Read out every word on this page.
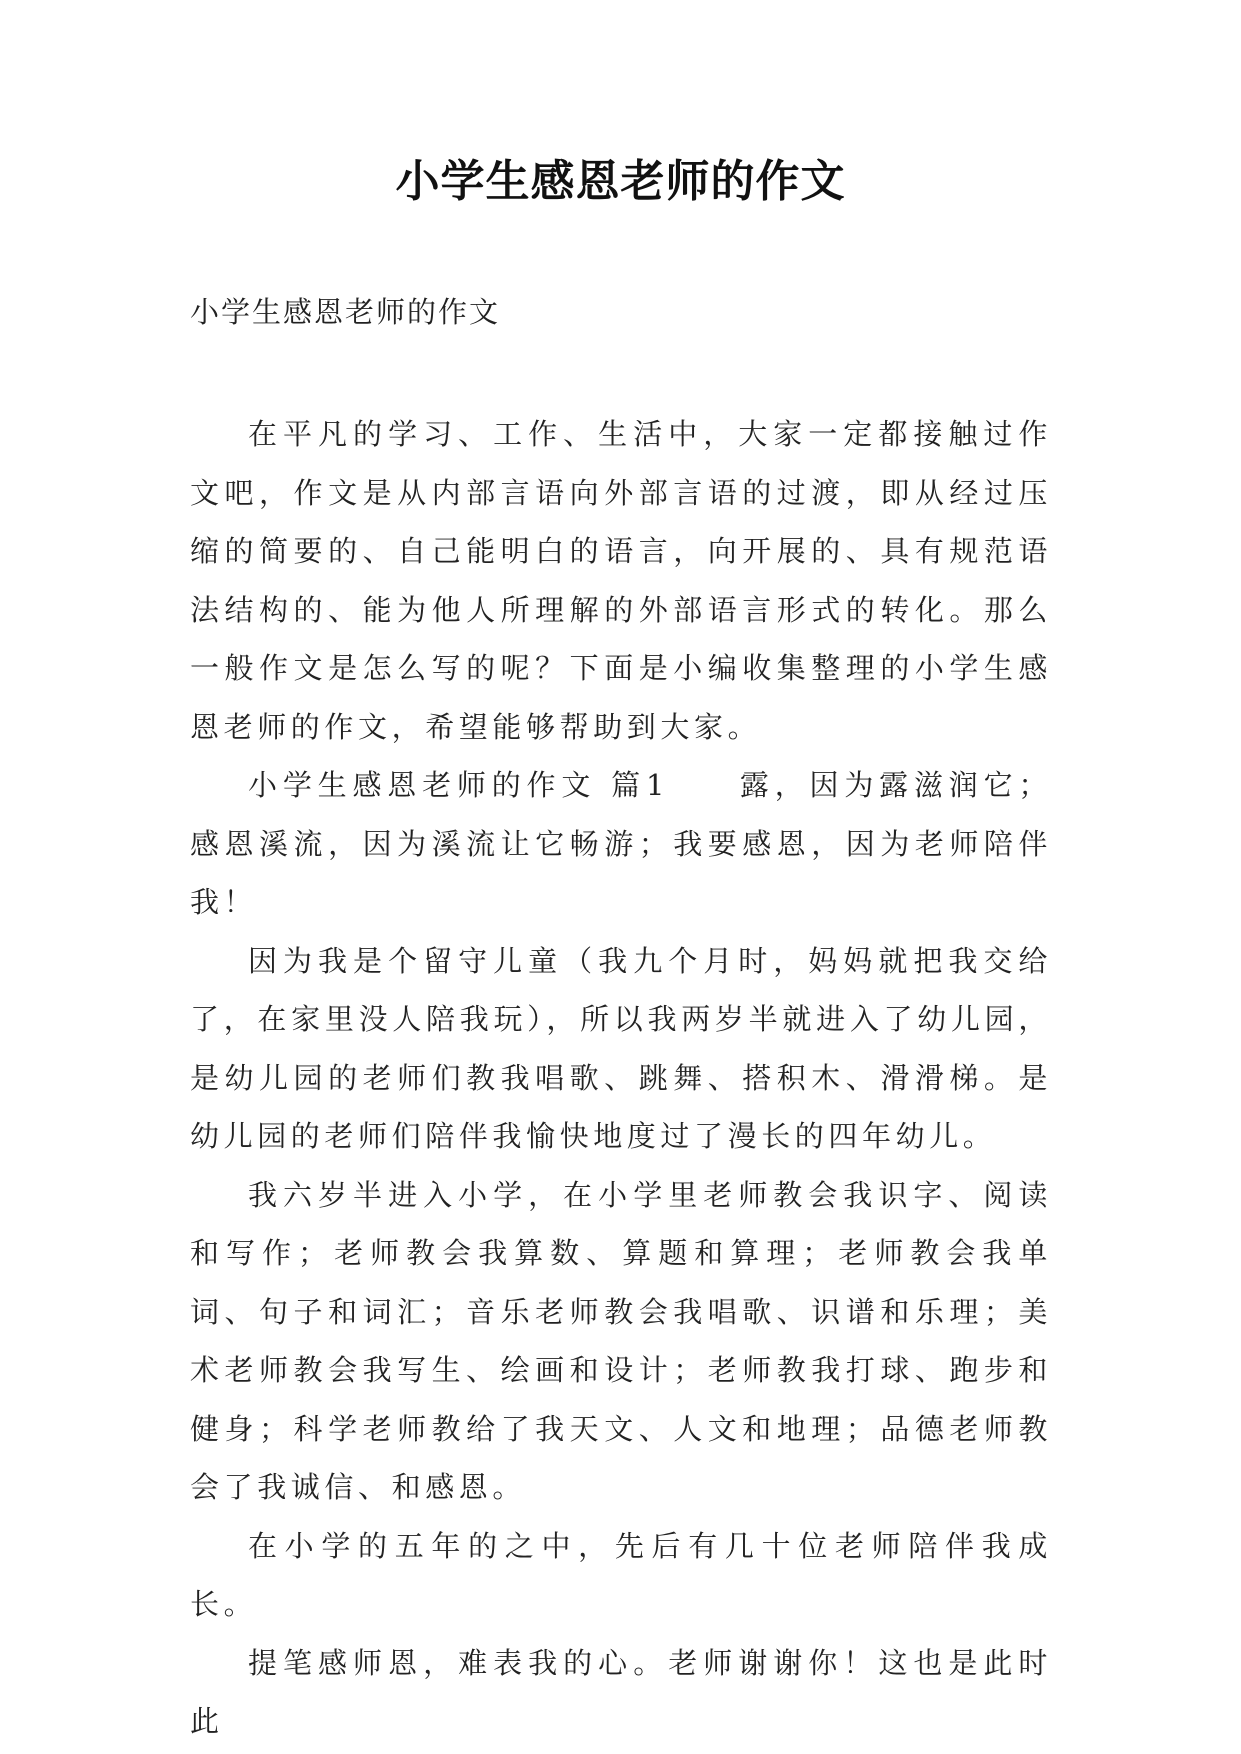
小学生感恩老师的作文
小学生感恩老师的作文

在平凡的学习、工作、生活中，大家一定都接触过作文吧，作文是从内部言语向外部言语的过渡，即从经过压缩的简要的、自己能明白的语言，向开展的、具有规范语法结构的、能为他人所理解的外部语言形式的转化。那么一般作文是怎么写的呢？下面是小编收集整理的小学生感恩老师的作文，希望能够帮助到大家。

小学生感恩老师的作文 篇1　　露，因为露滋润它；感恩溪流，因为溪流让它畅游；我要感恩，因为老师陪伴我！

因为我是个留守儿童（我九个月时，妈妈就把我交给了，在家里没人陪我玩），所以我两岁半就进入了幼儿园，是幼儿园的老师们教我唱歌、跳舞、搭积木、滑滑梯。是幼儿园的老师们陪伴我愉快地度过了漫长的四年幼儿。

我六岁半进入小学，在小学里老师教会我识字、阅读和写作；老师教会我算数、算题和算理；老师教会我单词、句子和词汇；音乐老师教会我唱歌、识谱和乐理；美术老师教会我写生、绘画和设计；老师教我打球、跑步和健身；科学老师教给了我天文、人文和地理；品德老师教会了我诚信、和感恩。

在小学的五年的之中，先后有几十位老师陪伴我成长。

提笔感师恩，难表我的心。老师谢谢你！这也是此时此
